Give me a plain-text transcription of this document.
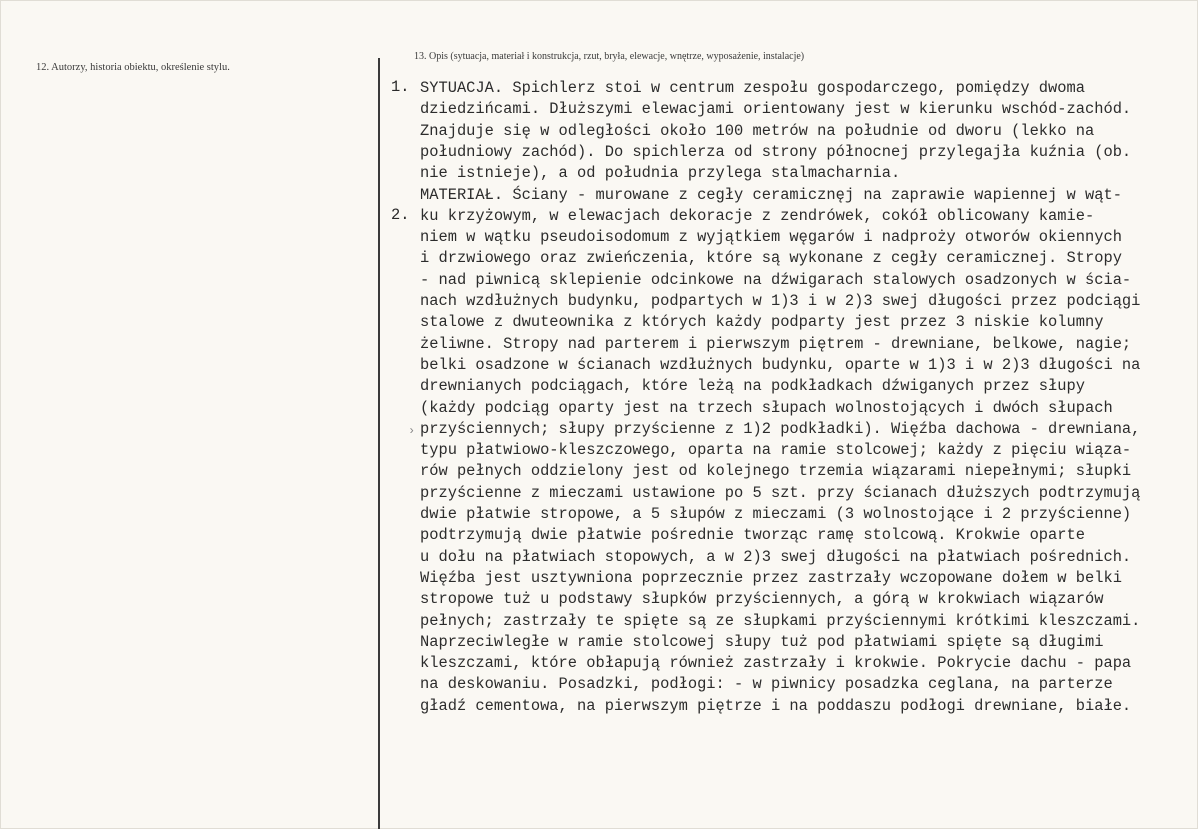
12. Autorzy, historia obiektu, określenie stylu.
13. Opis (sytuacja, materiał i konstrukcja, rzut, bryła, elewacje, wnętrze, wyposażenie, instalacje)
1.
2.
SYTUACJA. Spichlerz stoi w centrum zespołu gospodarczego, pomiędzy dwoma
dziedzińcami. Dłuższymi elewacjami orientowany jest w kierunku wschód-zachód.
Znajduje się w odległości około 100 metrów na południe od dworu (lekko na
południowy zachód). Do spichlerza od strony północnej przylegajła kuźnia (ob.
nie istnieje), a od południa przylega stalmacharnia.
MATERIAŁ. Ściany - murowane z cegły ceramicznęj na zaprawie wapiennej w wąt-
ku krzyżowym, w elewacjach dekoracje z zendrówek, cokół oblicowany kamie-
niem w wątku pseudoisodomum z wyjątkiem węgarów i nadproży otworów okiennych
i drzwiowego oraz zwieńczenia, które są wykonane z cegły ceramicznej. Stropy
- nad piwnicą sklepienie odcinkowe na dźwigarach stalowych osadzonych w ścia-
nach wzdłużnych budynku, podpartych w 1)3 i w 2)3 swej długości przez podciągi
stalowe z dwuteownika z których każdy podparty jest przez 3 niskie kolumny
żeliwne. Stropy nad parterem i pierwszym piętrem - drewniane, belkowe, nagie;
belki osadzone w ścianach wzdłużnych budynku, oparte w 1)3 i w 2)3 długości na
drewnianych podciągach, które leżą na podkładkach dźwiganych przez słupy
(każdy podciąg oparty jest na trzech słupach wolnostojących i dwóch słupach
przyściennych; słupy przyścienne z 1)2 podkładki). Więźba dachowa - drewniana,
typu płatwiowo-kleszczowego, oparta na ramie stolcowej; każdy z pięciu wiąza-
rów pełnych oddzielony jest od kolejnego trzemia wiązarami niepełnymi; słupki
przyścienne z mieczami ustawione po 5 szt. przy ścianach dłuższych podtrzymują
dwie płatwie stropowe, a 5 słupów z mieczami (3 wolnostojące i 2 przyścienne)
podtrzymują dwie płatwie pośrednie tworząc ramę stolcową. Krokwie oparte
u dołu na płatwiach stopowych, a w 2)3 swej długości na płatwiach pośrednich.
Więźba jest usztywniona poprzecznie przez zastrzały wczopowane dołem w belki
stropowe tuż u podstawy słupków przyściennych, a górą w krokwiach wiązarów
pełnych; zastrzały te spięte są ze słupkami przyściennymi krótkimi kleszczami.
Naprzeciwległe w ramie stolcowej słupy tuż pod płatwiami spięte są długimi
kleszczami, które obłapują również zastrzały i krokwie. Pokrycie dachu - papa
na deskowaniu. Posadzki, podłogi: - w piwnicy posadzka ceglana, na parterze
gładź cementowa, na pierwszym piętrze i na poddaszu podłogi drewniane, białe.
›
